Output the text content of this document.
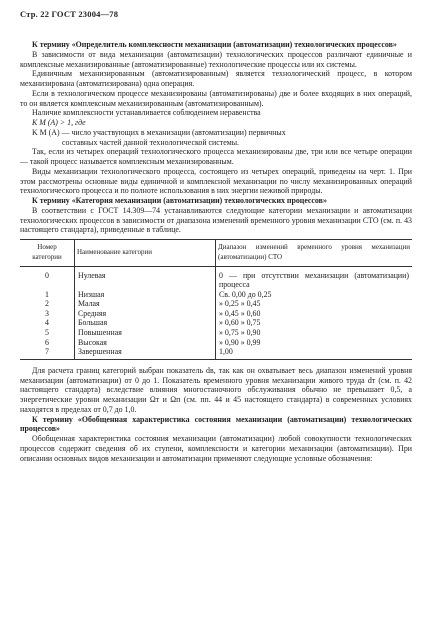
Стр. 22 ГОСТ 23004—78

К термину «Определитель комплексности механизации (автоматизации) технологических процессов»

В зависимости от вида механизации (автоматизации) технологических процессов различают единичные и комплексные механизированные (автоматизированные) технологические процессы или их системы.

Единичным механизированным (автоматизированным) является технологический процесс, в котором механизирована (автоматизирована) одна операция.

Если в технологическом процессе механизированы (автоматизированы) две и более входящих в них операций, то он является комплексным механизированным (автоматизированным).

Наличие комплексности устанавливается соблюдением неравенства

K M (A) > 1, где

K M (A) — число участвующих в механизации (автоматизации) первичных

составных частей данной технологической системы.

Так, если из четырех операций технологического процесса механизированы две, три или все четыре операции — такой процесс называется комплексным механизированным.

Виды механизации технологического процесса, состоящего из четырех операций, приведены на черт. 1. При этом рассмотрены основные виды единичной и комплексной механизации по числу механизированных операций технологического процесса и по полноте использования в них энергии неживой природы.

К термину «Категория механизации (автоматизации) технологических процессов»

В соответствии с ГОСТ 14.309—74 устанавливаются следующие категории механизации и автоматизации технологических процессов в зависимости от диапазона изменений временного уровня механизации СТО (см. п. 43 настоящего стандарта), приведенные в таблице.

Номер категории	Наименование категории	Диапазон изменений временного уровня механизации (автоматизации) СТО
0	Нулевая	0 — при отсутствии механизации (автоматизации) процесса
1	Низшая	Св. 0,00 до 0,25
2	Малая	» 0,25 » 0,45
3	Средняя	» 0,45 » 0,60
4	Большая	» 0,60 » 0,75
5	Повышенная	» 0,75 » 0,90
6	Высокая	» 0,90 » 0,99
7	Завершенная	1,00

Для расчета границ категорий выбран показатель dв, так как он охватывает весь диапазон изменений уровня механизации (автоматизации) от 0 до 1. Показатель временного уровня механизации живого труда dт (см. п. 42 настоящего стандарта) вследствие влияния многостаночного обслуживания обычно не превышает 0,5, а энергетические уровни механизации Ωт и Ωп (см. пп. 44 и 45 настоящего стандарта) в современных условиях находятся в пределах от 0,7 до 1,0.

К термину «Обобщенная характеристика состояния механизации (автоматизации) технологических процессов»

Обобщенная характеристика состояния механизации (автоматизации) любой совокупности технологических процессов содержит сведения об их ступени, комплексности и категории механизации (автоматизации). При описании основных видов механизации и автоматизации применяют следующие условные обозначения:
